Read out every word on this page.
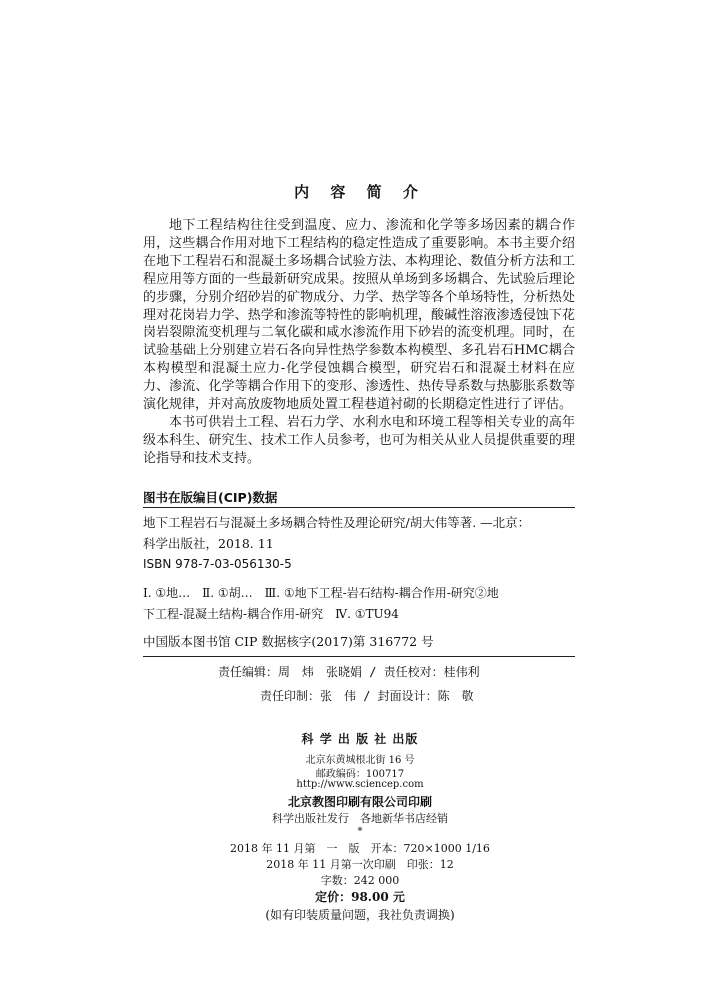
内 容 简 介

地下工程结构往往受到温度、应力、渗流和化学等多场因素的耦合作用，这些耦合作用对地下工程结构的稳定性造成了重要影响。本书主要介绍在地下工程岩石和混凝土多场耦合试验方法、本构理论、数值分析方法和工程应用等方面的一些最新研究成果。按照从单场到多场耦合、先试验后理论的步骤，分别介绍砂岩的矿物成分、力学、热学等各个单场特性，分析热处理对花岗岩力学、热学和渗流等特性的影响机理，酸碱性溶液渗透侵蚀下花岗岩裂隙流变机理与二氧化碳和咸水渗流作用下砂岩的流变机理。同时，在试验基础上分别建立岩石各向异性热学参数本构模型、多孔岩石HMC耦合本构模型和混凝土应力-化学侵蚀耦合模型，研究岩石和混凝土材料在应力、渗流、化学等耦合作用下的变形、渗透性、热传导系数与热膨胀系数等演化规律，并对高放废物地质处置工程巷道衬砌的长期稳定性进行了评估。

本书可供岩土工程、岩石力学、水利水电和环境工程等相关专业的高年级本科生、研究生、技术工作人员参考，也可为相关从业人员提供重要的理论指导和技术支持。

图书在版编目(CIP)数据
地下工程岩石与混凝土多场耦合特性及理论研究/胡大伟等著. —北京：
科学出版社，2018. 11
ISBN 978-7-03-056130-5
Ⅰ. ①地…　Ⅱ. ①胡…　Ⅲ. ①地下工程-岩石结构-耦合作用-研究②地
下工程-混凝土结构-耦合作用-研究　Ⅳ. ①TU94
中国版本图书馆 CIP 数据核字(2017)第 316772 号
责任编辑：周　炜　张晓娟 / 责任校对：桂伟利
责任印制：张　伟 / 封面设计：陈　敬
科 学 出 版 社 出版
北京东黄城根北街 16 号
邮政编码：100717
http://www.sciencep.com
北京教图印刷有限公司印刷
科学出版社发行　各地新华书店经销
*
2018 年 11 月第　一　版　开本：720×1000 1/16
2018 年 11 月第一次印刷　印张：12
字数：242 000
定价：98.00 元
(如有印装质量问题，我社负责调换)
